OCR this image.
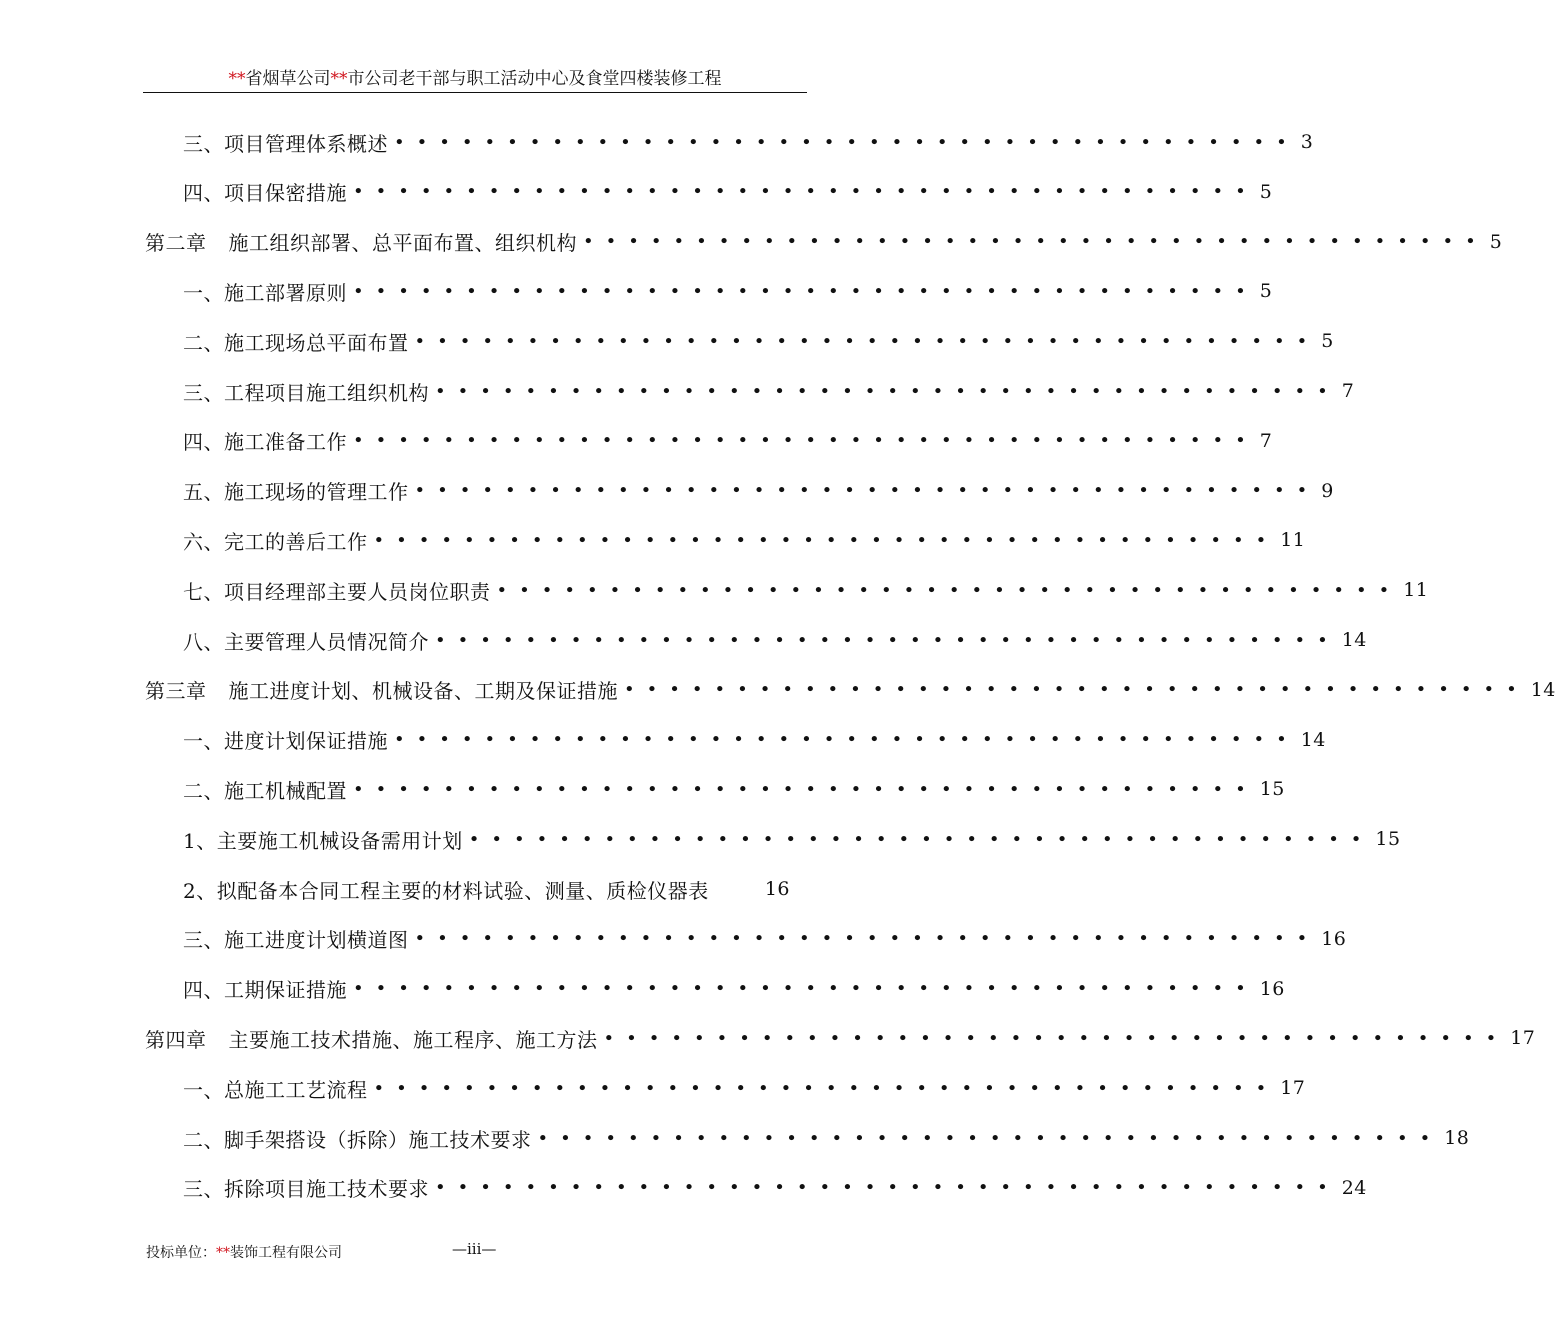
**省烟草公司**市公司老干部与职工活动中心及食堂四楼装修工程
三、项目管理体系概述 •••••••••••••••••••••••••••••••••••••••• 3
四、项目保密措施 •••••••••••••••••••••••••••••••••••••••• 5
第二章 施工组织部署、总平面布置、组织机构 •••••••••••••••••••••••••••••••••••••••• 5
一、施工部署原则 •••••••••••••••••••••••••••••••••••••••• 5
二、施工现场总平面布置 •••••••••••••••••••••••••••••••••••••••• 5
三、工程项目施工组织机构 •••••••••••••••••••••••••••••••••••••••• 7
四、施工准备工作 •••••••••••••••••••••••••••••••••••••••• 7
五、施工现场的管理工作 •••••••••••••••••••••••••••••••••••••••• 9
六、完工的善后工作 •••••••••••••••••••••••••••••••••••••••• 11
七、项目经理部主要人员岗位职责 •••••••••••••••••••••••••••••••••••••••• 11
八、主要管理人员情况简介 •••••••••••••••••••••••••••••••••••••••• 14
第三章 施工进度计划、机械设备、工期及保证措施 •••••••••••••••••••••••••••••••••••••••• 14
一、进度计划保证措施 •••••••••••••••••••••••••••••••••••••••• 14
二、施工机械配置 •••••••••••••••••••••••••••••••••••••••• 15
1、主要施工机械设备需用计划 •••••••••••••••••••••••••••••••••••••••• 15
2、拟配备本合同工程主要的材料试验、测量、质检仪器表	16
三、施工进度计划横道图 •••••••••••••••••••••••••••••••••••••••• 16
四、工期保证措施 •••••••••••••••••••••••••••••••••••••••• 16
第四章 主要施工技术措施、施工程序、施工方法 •••••••••••••••••••••••••••••••••••••••• 17
一、总施工工艺流程 •••••••••••••••••••••••••••••••••••••••• 17
二、脚手架搭设（拆除）施工技术要求 •••••••••••••••••••••••••••••••••••••••• 18
三、拆除项目施工技术要求 •••••••••••••••••••••••••••••••••••••••• 24
投标单位：**装饰工程有限公司	—iii—
